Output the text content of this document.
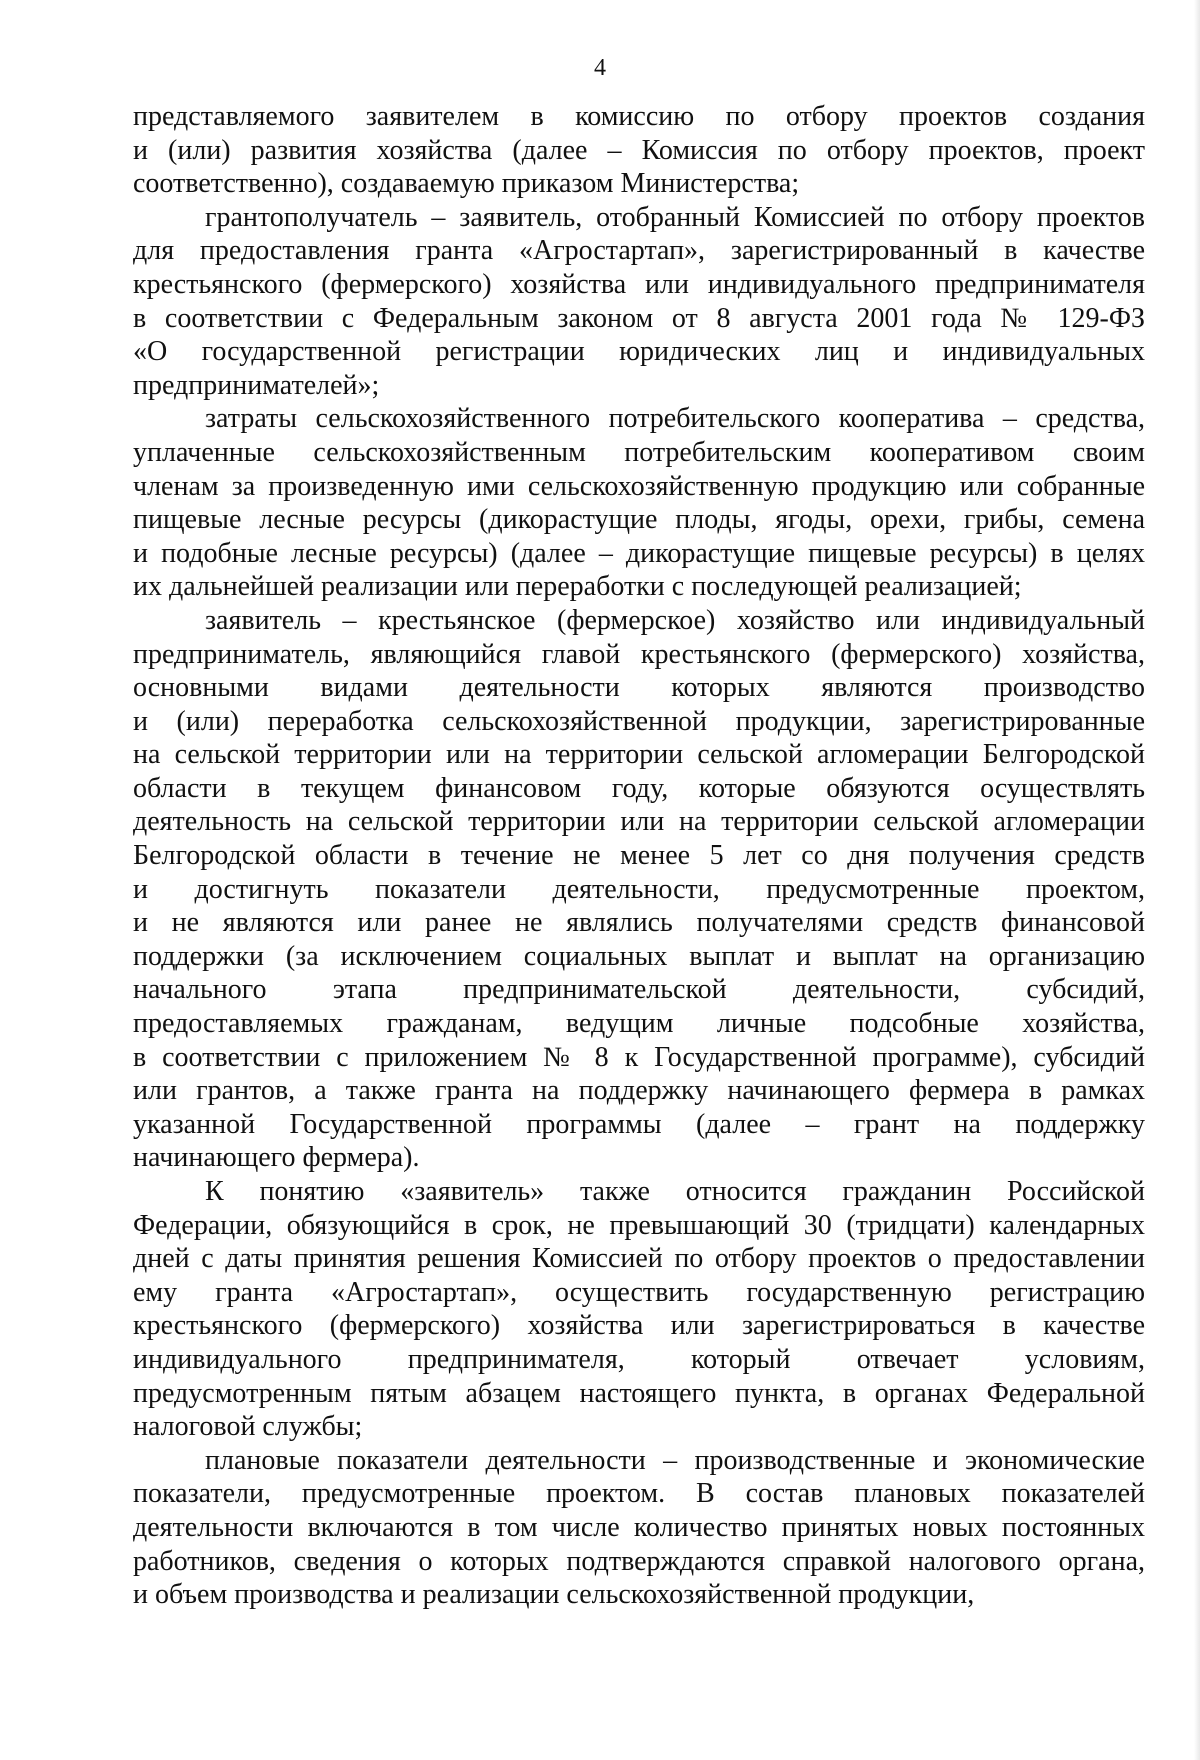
4
представляемого заявителем в комиссию по отбору проектов создания
и (или) развития хозяйства (далее – Комиссия по отбору проектов, проект
соответственно), создаваемую приказом Министерства;
грантополучатель – заявитель, отобранный Комиссией по отбору проектов
для предоставления гранта «Агростартап», зарегистрированный в качестве
крестьянского (фермерского) хозяйства или индивидуального предпринимателя
в соответствии с Федеральным законом от 8 августа 2001 года № 129-ФЗ
«О государственной регистрации юридических лиц и индивидуальных
предпринимателей»;
затраты сельскохозяйственного потребительского кооператива – средства,
уплаченные сельскохозяйственным потребительским кооперативом своим
членам за произведенную ими сельскохозяйственную продукцию или собранные
пищевые лесные ресурсы (дикорастущие плоды, ягоды, орехи, грибы, семена
и подобные лесные ресурсы) (далее – дикорастущие пищевые ресурсы) в целях
их дальнейшей реализации или переработки с последующей реализацией;
заявитель – крестьянское (фермерское) хозяйство или индивидуальный
предприниматель, являющийся главой крестьянского (фермерского) хозяйства,
основными видами деятельности которых являются производство
и (или) переработка сельскохозяйственной продукции, зарегистрированные
на сельской территории или на территории сельской агломерации Белгородской
области в текущем финансовом году, которые обязуются осуществлять
деятельность на сельской территории или на территории сельской агломерации
Белгородской области в течение не менее 5 лет со дня получения средств
и достигнуть показатели деятельности, предусмотренные проектом,
и не являются или ранее не являлись получателями средств финансовой
поддержки (за исключением социальных выплат и выплат на организацию
начального этапа предпринимательской деятельности, субсидий,
предоставляемых гражданам, ведущим личные подсобные хозяйства,
в соответствии с приложением № 8 к Государственной программе), субсидий
или грантов, а также гранта на поддержку начинающего фермера в рамках
указанной Государственной программы (далее – грант на поддержку
начинающего фермера).
К понятию «заявитель» также относится гражданин Российской
Федерации, обязующийся в срок, не превышающий 30 (тридцати) календарных
дней с даты принятия решения Комиссией по отбору проектов о предоставлении
ему гранта «Агростартап», осуществить государственную регистрацию
крестьянского (фермерского) хозяйства или зарегистрироваться в качестве
индивидуального предпринимателя, который отвечает условиям,
предусмотренным пятым абзацем настоящего пункта, в органах Федеральной
налоговой службы;
плановые показатели деятельности – производственные и экономические
показатели, предусмотренные проектом. В состав плановых показателей
деятельности включаются в том числе количество принятых новых постоянных
работников, сведения о которых подтверждаются справкой налогового органа,
и объем производства и реализации сельскохозяйственной продукции,
